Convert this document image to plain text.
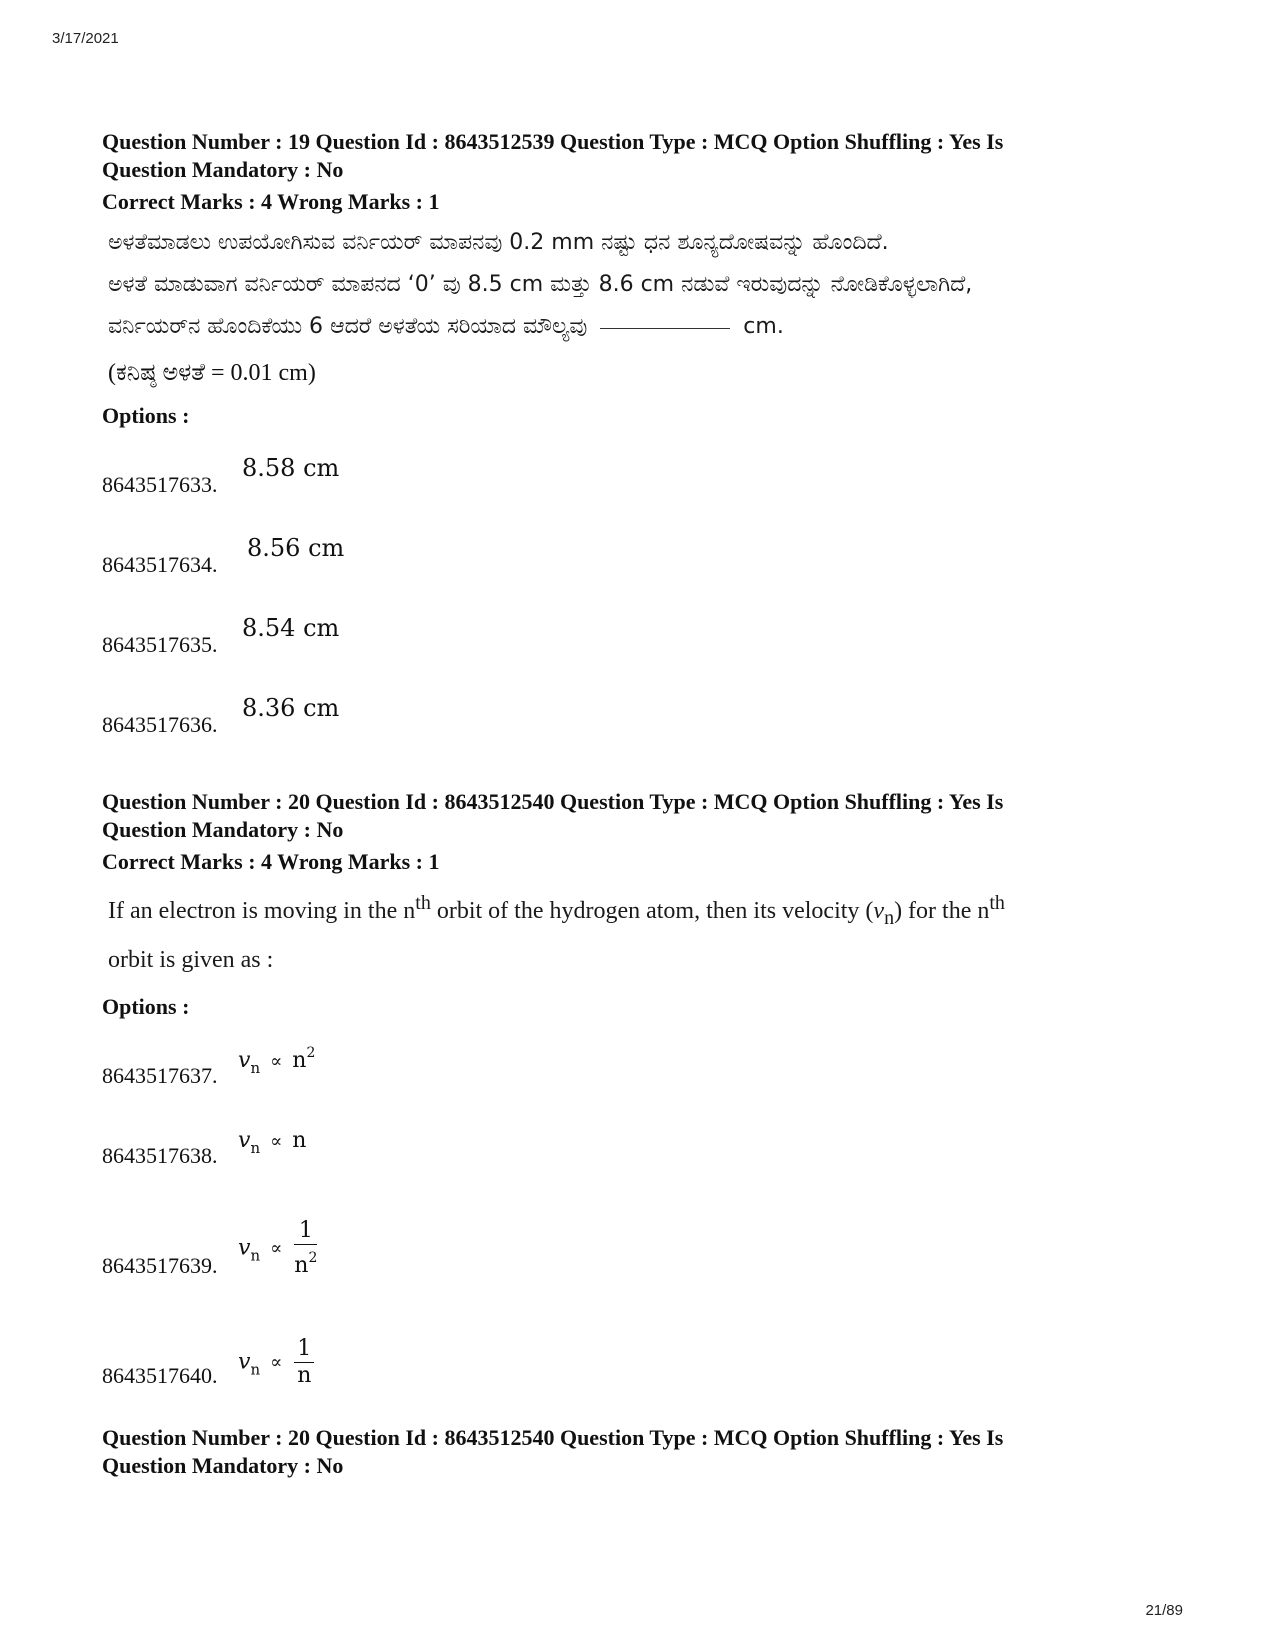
3/17/2021

Question Number : 19 Question Id : 8643512539 Question Type : MCQ Option Shuffling : Yes Is

Question Mandatory : No

Correct Marks : 4 Wrong Marks : 1
ಅಳತೆಮಾಡಲು ಉಪಯೋಗಿಸುವ ವರ್ನಿಯರ್ ಮಾಪನವು 0.2 mm ನಷ್ಟು ಧನ ಶೂನ್ಯದೋಷವನ್ನು ಹೊಂದಿದೆ.
ಅಳತೆ ಮಾಡುವಾಗ ವರ್ನಿಯರ್ ಮಾಪನದ ‘0’ ವು 8.5 cm ಮತ್ತು 8.6 cm ನಡುವೆ ಇರುವುದನ್ನು ನೋಡಿಕೊಳ್ಳಲಾಗಿದೆ,
ವರ್ನಿಯರ್‌ನ ಹೊಂದಿಕೆಯು 6 ಆದರೆ ಅಳತೆಯ ಸರಿಯಾದ ಮೌಲ್ಯವು	cm.
(ಕನಿಷ್ಠ ಅಳತೆ = 0.01 cm)
Options :
8643517633.
8.58 cm
8643517634.
8.56 cm
8643517635.
8.54 cm
8643517636.
8.36 cm

Question Number : 20 Question Id : 8643512540 Question Type : MCQ Option Shuffling : Yes Is

Question Mandatory : No

Correct Marks : 4 Wrong Marks : 1
If an electron is moving in the $n^{th}$ orbit of the hydrogen atom, then its velocity $(v_n)$ for the $n^{th}$
orbit is given as :
Options :
8643517637.
$v_n \propto n^2$
8643517638.
$v_n \propto n$
8643517639.
$v_n \propto \frac{1}{n^2}$
8643517640.
$v_n \propto \frac{1}{n}$

Question Number : 20 Question Id : 8643512540 Question Type : MCQ Option Shuffling : Yes Is

Question Mandatory : No

21/89
